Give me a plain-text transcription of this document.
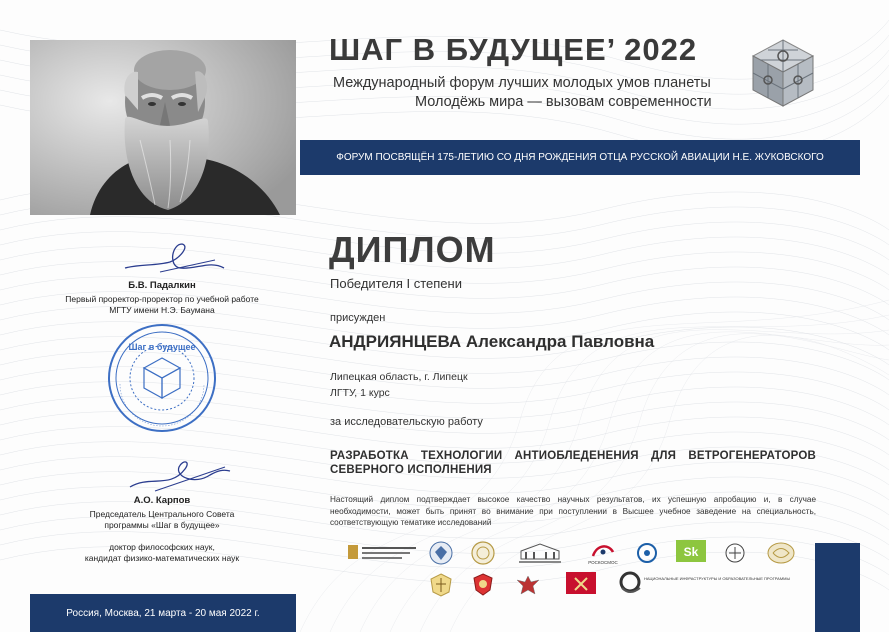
ШАГ В БУДУЩЕЕ’ 2022
Международный форум лучших молодых умов планеты
Молодёжь мира — вызовам современности
ФОРУМ ПОСВЯЩЁН 175-ЛЕТИЮ СО ДНЯ РОЖДЕНИЯ ОТЦА РУССКОЙ АВИАЦИИ Н.Е. ЖУКОВСКОГО
ДИПЛОМ
Победителя I степени
присужден
АНДРИЯНЦЕВА Александра Павловна
Липецкая область, г. Липецк
ЛГТУ, 1 курс
за исследовательскую работу
РАЗРАБОТКА ТЕХНОЛОГИИ АНТИОБЛЕДЕНЕНИЯ ДЛЯ ВЕТРОГЕНЕРАТОРОВ СЕВЕРНОГО ИСПОЛНЕНИЯ
Настоящий диплом подтверждает высокое качество научных результатов, их успешную апробацию и, в случае необходимости, может быть принят во внимание при поступлении в Высшее учебное заведение на специальность, соответствующую тематике исследований
Б.В. Падалкин
Первый проректор-проректор по учебной работе
МГТУ имени Н.Э. Баумана
Шаг в будущее
А.О. Карпов
Председатель Центрального Совета
программы «Шаг в будущее»
доктор философских наук,
кандидат физико-математических наук
Россия, Москва, 21 марта - 20 мая 2022 г.
РОСКОСМОС
Sk
НАЦИОНАЛЬНЫЕ ИНФРАСТРУКТУРЫ И ОБРАЗОВАТЕЛЬНЫЕ ПРОГРАММЫ
